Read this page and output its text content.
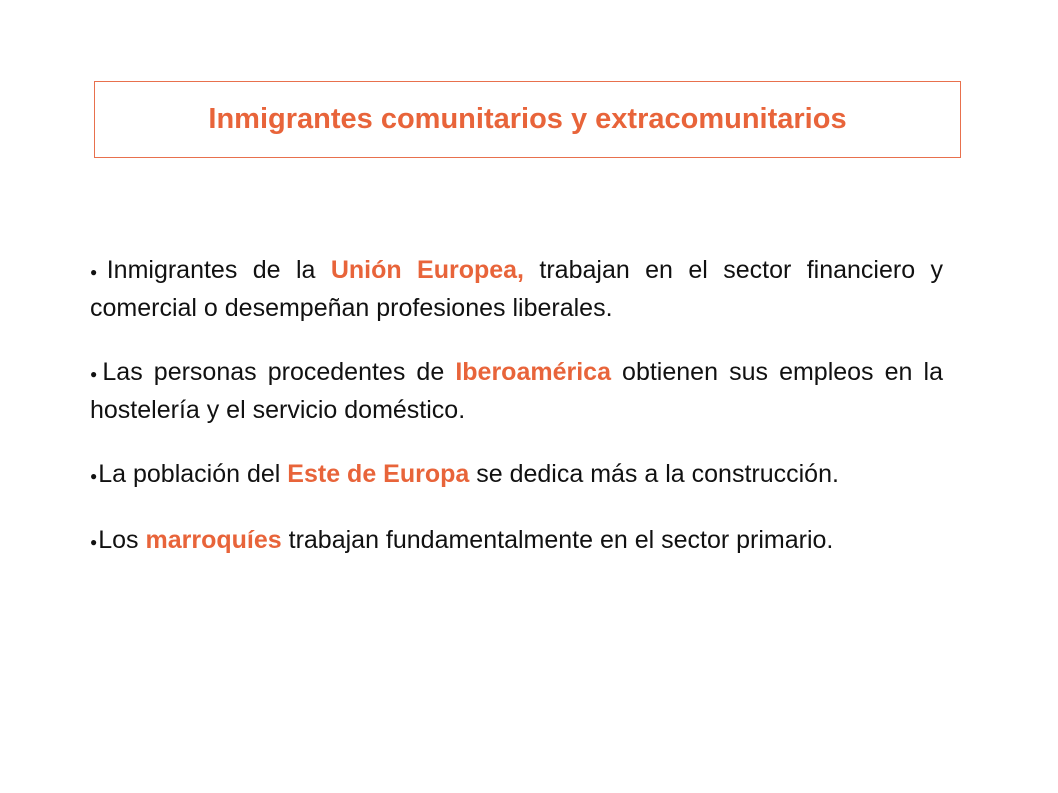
Inmigrantes comunitarios y extracomunitarios

●Inmigrantes de la Unión Europea, trabajan en el sector financiero y comercial o desempeñan profesiones liberales.

●Las personas procedentes de Iberoamérica obtienen sus empleos en la hostelería y el servicio doméstico.

●La población del Este de Europa se dedica más a la construcción.

●Los marroquíes trabajan fundamentalmente en el sector primario.
